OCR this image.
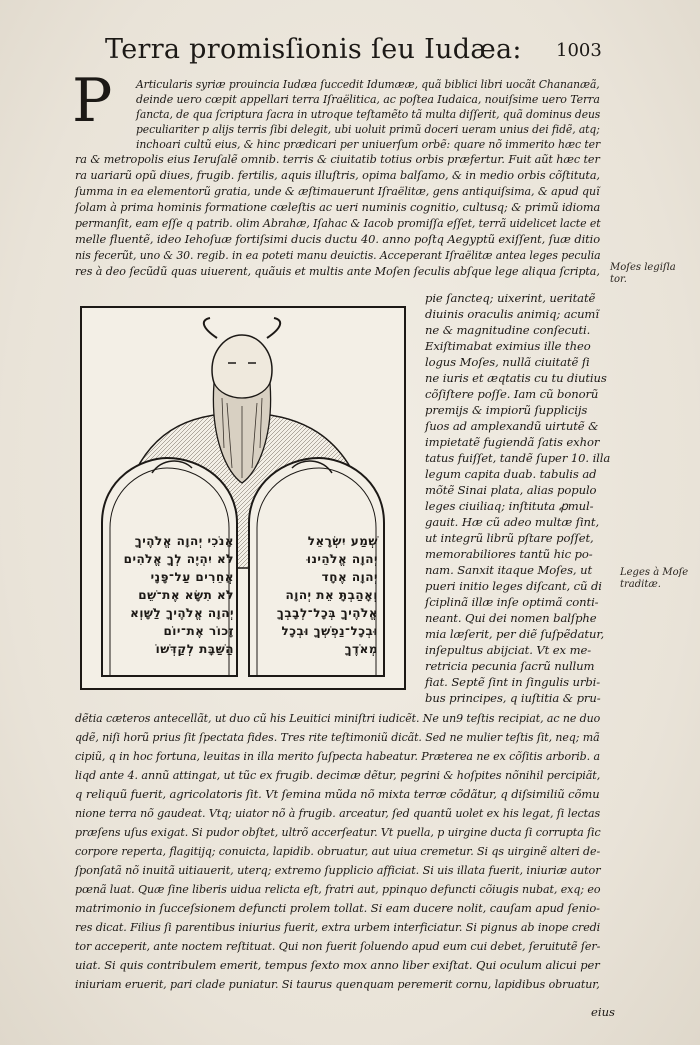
Terra promisſionis ſeu Iudæa: 1003
P Articularis syriæ prouincia Iudæa ſuccedit Idumææ, quã biblici libri uocãt Chananæã,
deinde uero cœpit appellari terra Iſraëlitica, ac poſtea Iudaica, nouiſsime uero Terra
ſancta, de qua ſcriptura ſacra in utroque teſtamẽto tã multa diſſerit, quã dominus deus
peculiariter p alijs terris ſibi delegit, ubi uoluit primũ doceri ueram unius dei fidẽ, atq;
inchoari cultũ eius, & hinc prædicari per uniuerſum orbẽ: quare nõ immerito hæc ter
ra & metropolis eius Ieruſalẽ omnib. terris & ciuitatib totius orbis præfertur. Fuit aũt hæc ter
ra uariarũ opũ diues, frugib. fertilis, aquis illuſtris, opima balſamo, & in medio orbis cõſtituta,
ſumma in ea elementorũ gratia, unde & æſtimauerunt Iſraëlitæ, gens antiquiſsima, & apud quĩ
ſolam à prima hominis formatione cœleſtis ac ueri numinis cognitio, cultusq; & primũ idioma
permanſit, eam eſſe q patrib. olim Abrahæ, Iſahac & Iacob promiſſa eſſet, terrã uidelicet lacte et
melle fluentẽ, ideo Iehoſuæ fortiſsimi ducis ductu 40. anno poſtq Aegyptũ exiſſent, ſuæ ditio
nis fecerũt, uno & 30. regib. in ea poteti manu deuictis. Acceperant Iſraëlitæ antea leges peculia
res à deo ſecũdũ quas uiuerent, quãuis et multis ante Moſen ſeculis abſque lege aliqua ſcripta, Moſes legiſla
tor.
אָנֹכִי יְהוָה אֱלֹהֶיךָ
לֹא יִהְיֶה לְךָ אֱלֹהִים
אֲחֵרִים עַל־פָּנָי
לֹא תִשָּׂא אֶת־שֵׁם
יְהוָה אֱלֹהֶיךָ לַשָּׁוְא
זָכוֹר אֶת־יוֹם
הַשַּׁבָּת לְקַדְּשׁוֹ
שְׁמַע יִשְׂרָאֵל
יְהוָה אֱלֹהֵינוּ
יְהוָה אֶחָד
וְאָהַבְתָּ אֵת יְהוָה
אֱלֹהֶיךָ בְּכָל־לְבָבְךָ
וּבְכָל־נַפְשְׁךָ וּבְכָל
מְאֹדֶךָ
pie ſancteq; uixerint, ueritatẽ
diuinis oraculis animiq; acumĩ
ne & magnitudine conſecuti.
Exiſtimabat eximius ille theo
logus Moſes, nullã ciuitatẽ ſi
ne iuris et æqtatis cu tu diutius
cõſiſtere poſſe. Iam cũ bonorũ
premijs & impiorũ ſupplicijs
ſuos ad amplexandũ uirtutẽ &
impietatẽ fugiendã ſatis exhor
tatus fuiſſet, tandẽ ſuper 10. illa
legum capita duab. tabulis ad
mõtẽ Sinai plata, alias populo
leges ciuiliaq; inſtituta ꝓmul-
gauit. Hæ cũ adeo multæ ſint,
ut integrũ librũ pſtare poſſet,
memorabiliores tantũ hic po-
nam. Sanxit itaque Moſes, ut
pueri initio leges diſcant, cũ di
ſciplinã illæ inſe optimã conti-
neant. Qui dei nomen balſphe
mia læſerit, per diẽ ſuſpẽdatur,
inſepultus abijciat. Vt ex me-
retricia pecunia ſacrũ nullum
fiat. Septẽ ſint in ſingulis urbi-
bus principes, q iuſtitia & pru-
Leges à Moſe
traditæ.
dẽtia cæteros antecellãt, ut duo cũ his Leuitici miniſtri iudicẽt. Ne un9 teſtis recipiat, ac ne duo
qdẽ, niſi horũ prius ſit ſpectata fides. Tres rite teſtimoniũ dicãt. Sed ne mulier teſtis ſit, neq; mã
cipiũ, q in hoc fortuna, leuitas in illa merito ſuſpecta habeatur. Præterea ne ex cõſitis arborib. a
liqd ante 4. annũ attingat, ut tũc ex frugib. decimæ dẽtur, pegrini & hoſpites nõnihil percipiãt,
q reliquũ fuerit, agricolatoris ſit. Vt ſemina mũda nõ mixta terræ cõdãtur, q diſsimiliũ cõmu
nione terra nõ gaudeat. Vtq; uiator nõ à frugib. arceatur, ſed quantũ uolet ex his legat, ſi lectas
præſens uſus exigat. Si pudor obſtet, ultrõ accerſeatur. Vt puella, p uirgine ducta ſi corrupta ſic
corpore reperta, flagitijq; conuicta, lapidib. obruatur, aut uiua cremetur. Si qs uirginẽ alteri de-
ſponſatã nõ inuitã uitiauerit, uterq; extremo ſupplicio afficiat. Si uis illata fuerit, iniuriæ autor
pœnã luat. Quæ ſine liberis uidua relicta eſt, fratri aut, ppinquo defuncti cõiugis nubat, exq; eo
matrimonio in ſucceſsionem defuncti prolem tollat. Si eam ducere nolit, cauſam apud ſenio-
res dicat. Filius ſi parentibus iniurius fuerit, extra urbem interficiatur. Si pignus ab inope credi
tor acceperit, ante noctem reſtituat. Qui non fuerit ſoluendo apud eum cui debet, ſeruitutẽ ſer-
uiat. Si quis contribulem emerit, tempus ſexto mox anno liber exiſtat. Qui oculum alicui per
iniuriam eruerit, pari clade puniatur. Si taurus quenquam peremerit cornu, lapidibus obruatur,
eius
